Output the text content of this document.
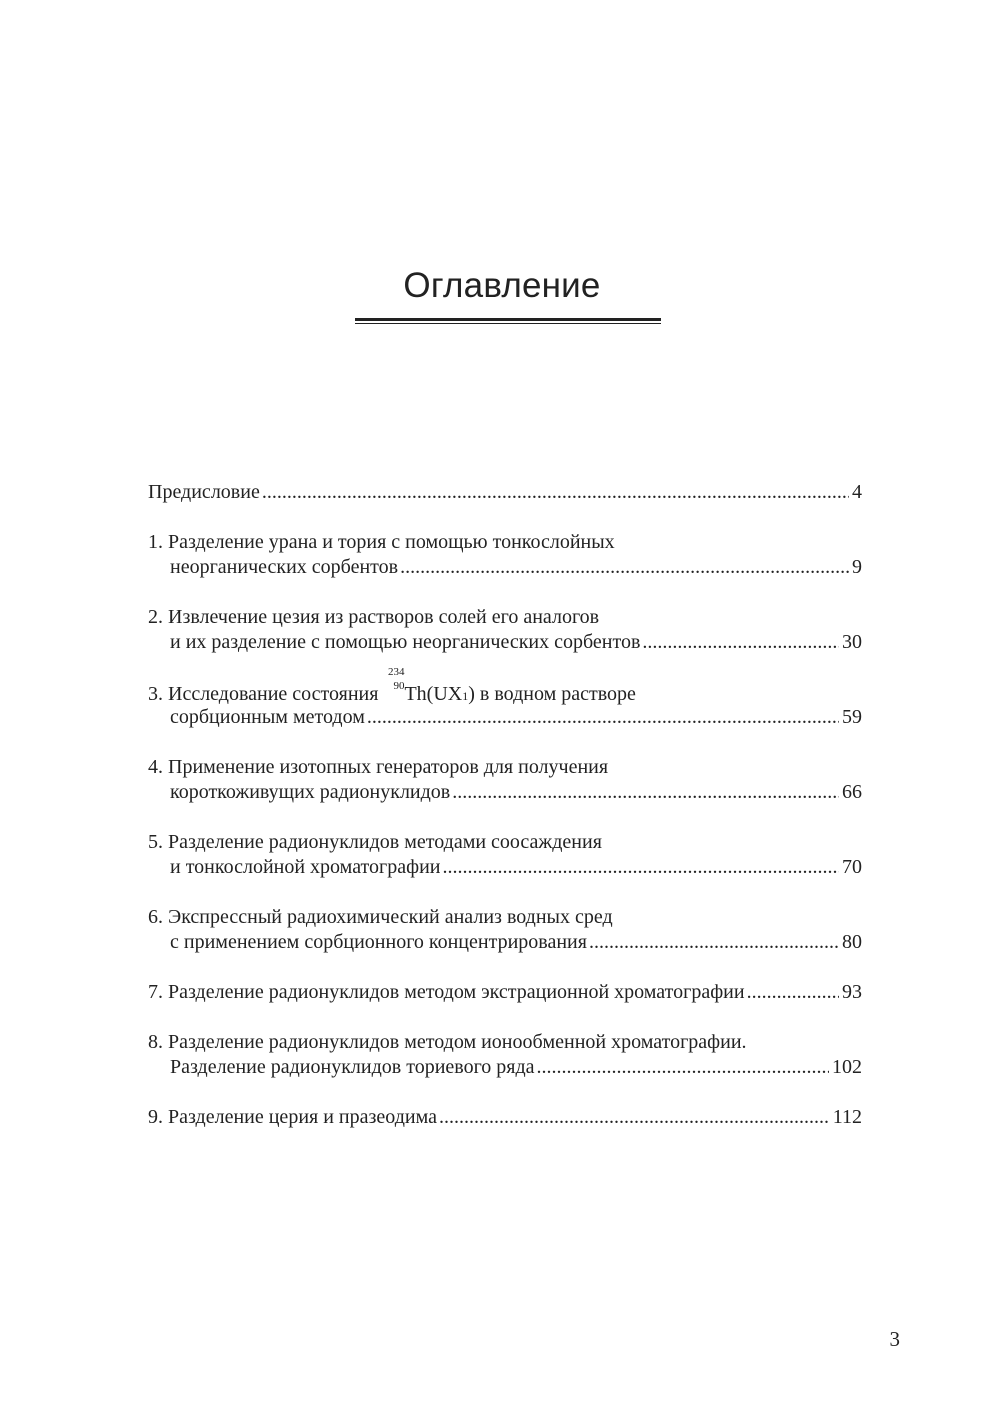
Оглавление
Предисловие .....	4
1. Разделение урана и тория с помощью тонкослойных
неорганических сорбентов .....	9
2. Извлечение цезия из растворов солей его аналогов
и их разделение с помощью неорганических сорбентов .....	30
3. Исследование состояния
234
90 Th(UX 1 ) в водном растворе
сорбционным методом .....	59
4. Применение изотопных генераторов для получения
короткоживущих радионуклидов .....	66
5. Разделение радионуклидов методами соосаждения
и тонкослойной хроматографии .....	70
6. Экспрессный радиохимический анализ водных сред
с применением сорбционного концентрирования .....	80
7. Разделение радионуклидов методом экстрационной хроматографии .....	93
8. Разделение радионуклидов методом ионообменной хроматографии.
Разделение радионуклидов ториевого ряда .....	102
9. Разделение церия и празеодима .....	112
3
